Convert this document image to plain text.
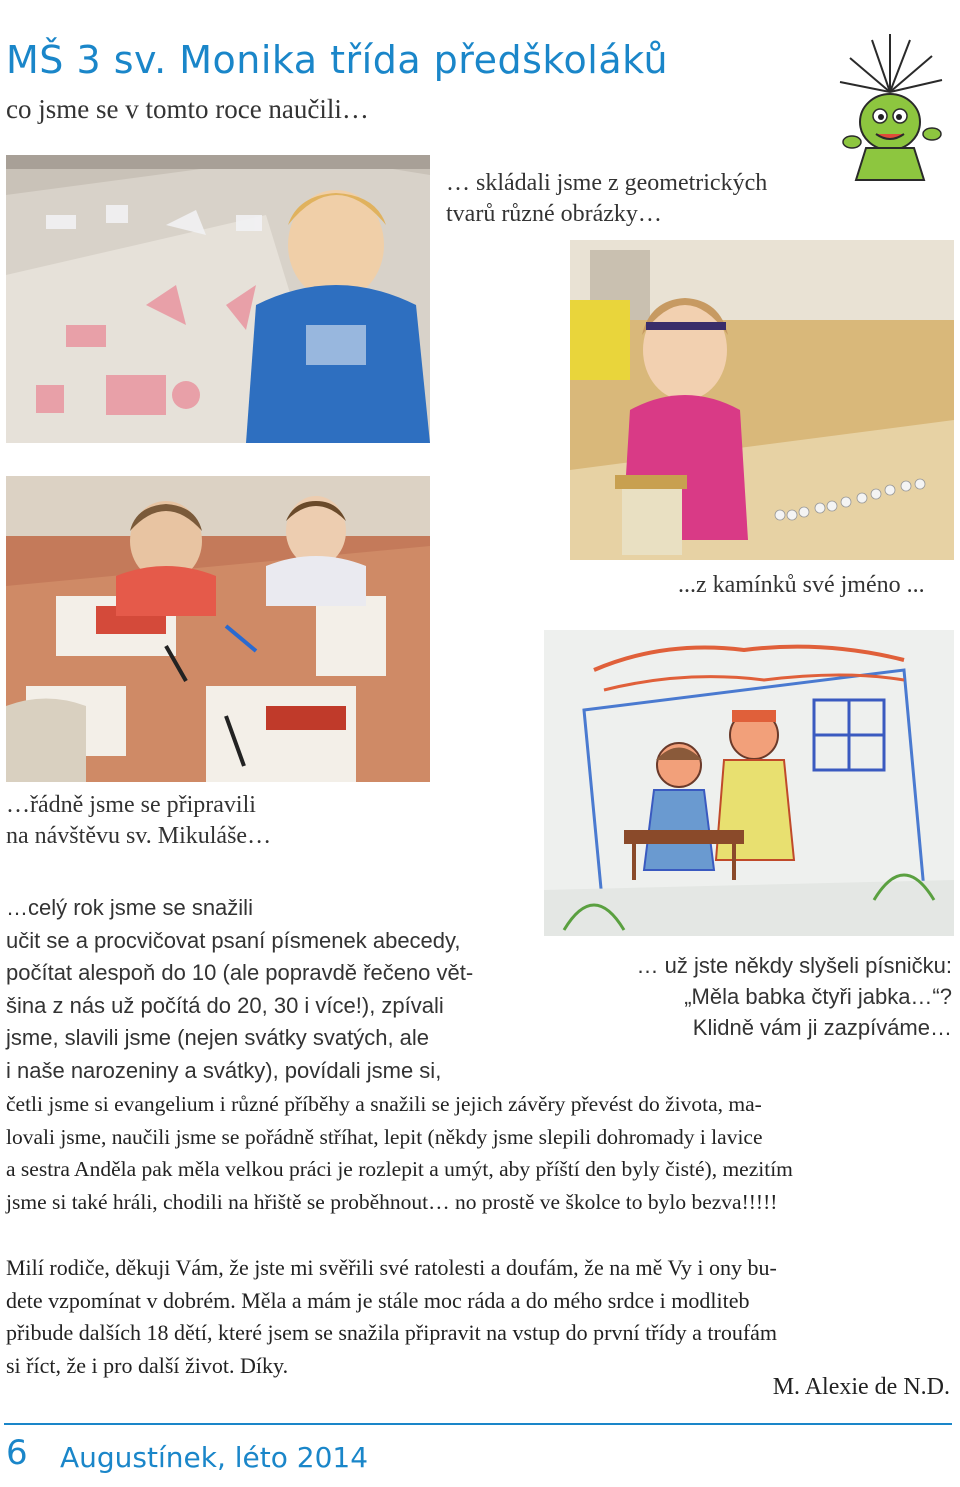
MŠ 3 sv. Monika třída předškoláků
co jsme se v tomto roce naučili…
… skládali jsme z geometrických
tvarů různé obrázky…
...z kamínků své jméno ...
…řádně jsme se připravili
na návštěvu sv. Mikuláše…
… už jste někdy slyšeli písničku:
„Měla babka čtyři jabka…“?
Klidně vám ji zazpíváme…
…celý rok jsme se snažili
učit se a procvičovat psaní písmenek abecedy,
počítat alespoň do 10 (ale popravdě řečeno vět-
šina z nás už počítá do 20, 30 i více!), zpívali
jsme, slavili jsme (nejen svátky svatých, ale
i naše narozeniny a svátky), povídali jsme si,
četli jsme si evangelium i různé příběhy a snažili se jejich závěry převést do života, ma-
lovali jsme, naučili jsme se pořádně stříhat, lepit (někdy jsme slepili dohromady i lavice
a sestra Anděla pak měla velkou práci je rozlepit a umýt, aby příští den byly čisté), mezitím
jsme si také hráli, chodili na hřiště se proběhnout… no prostě ve školce to bylo bezva!!!!!
Milí rodiče, děkuji Vám, že jste mi svěřili své ratolesti a doufám, že na mě Vy i ony bu-
dete vzpomínat v dobrém. Měla a mám je stále moc ráda a do mého srdce i modliteb
přibude dalších 18 dětí, které jsem se snažila připravit na vstup do první třídy a troufám
si říct, že i pro další život. Díky.
M. Alexie de N.D.
6 Augustínek, léto 2014
